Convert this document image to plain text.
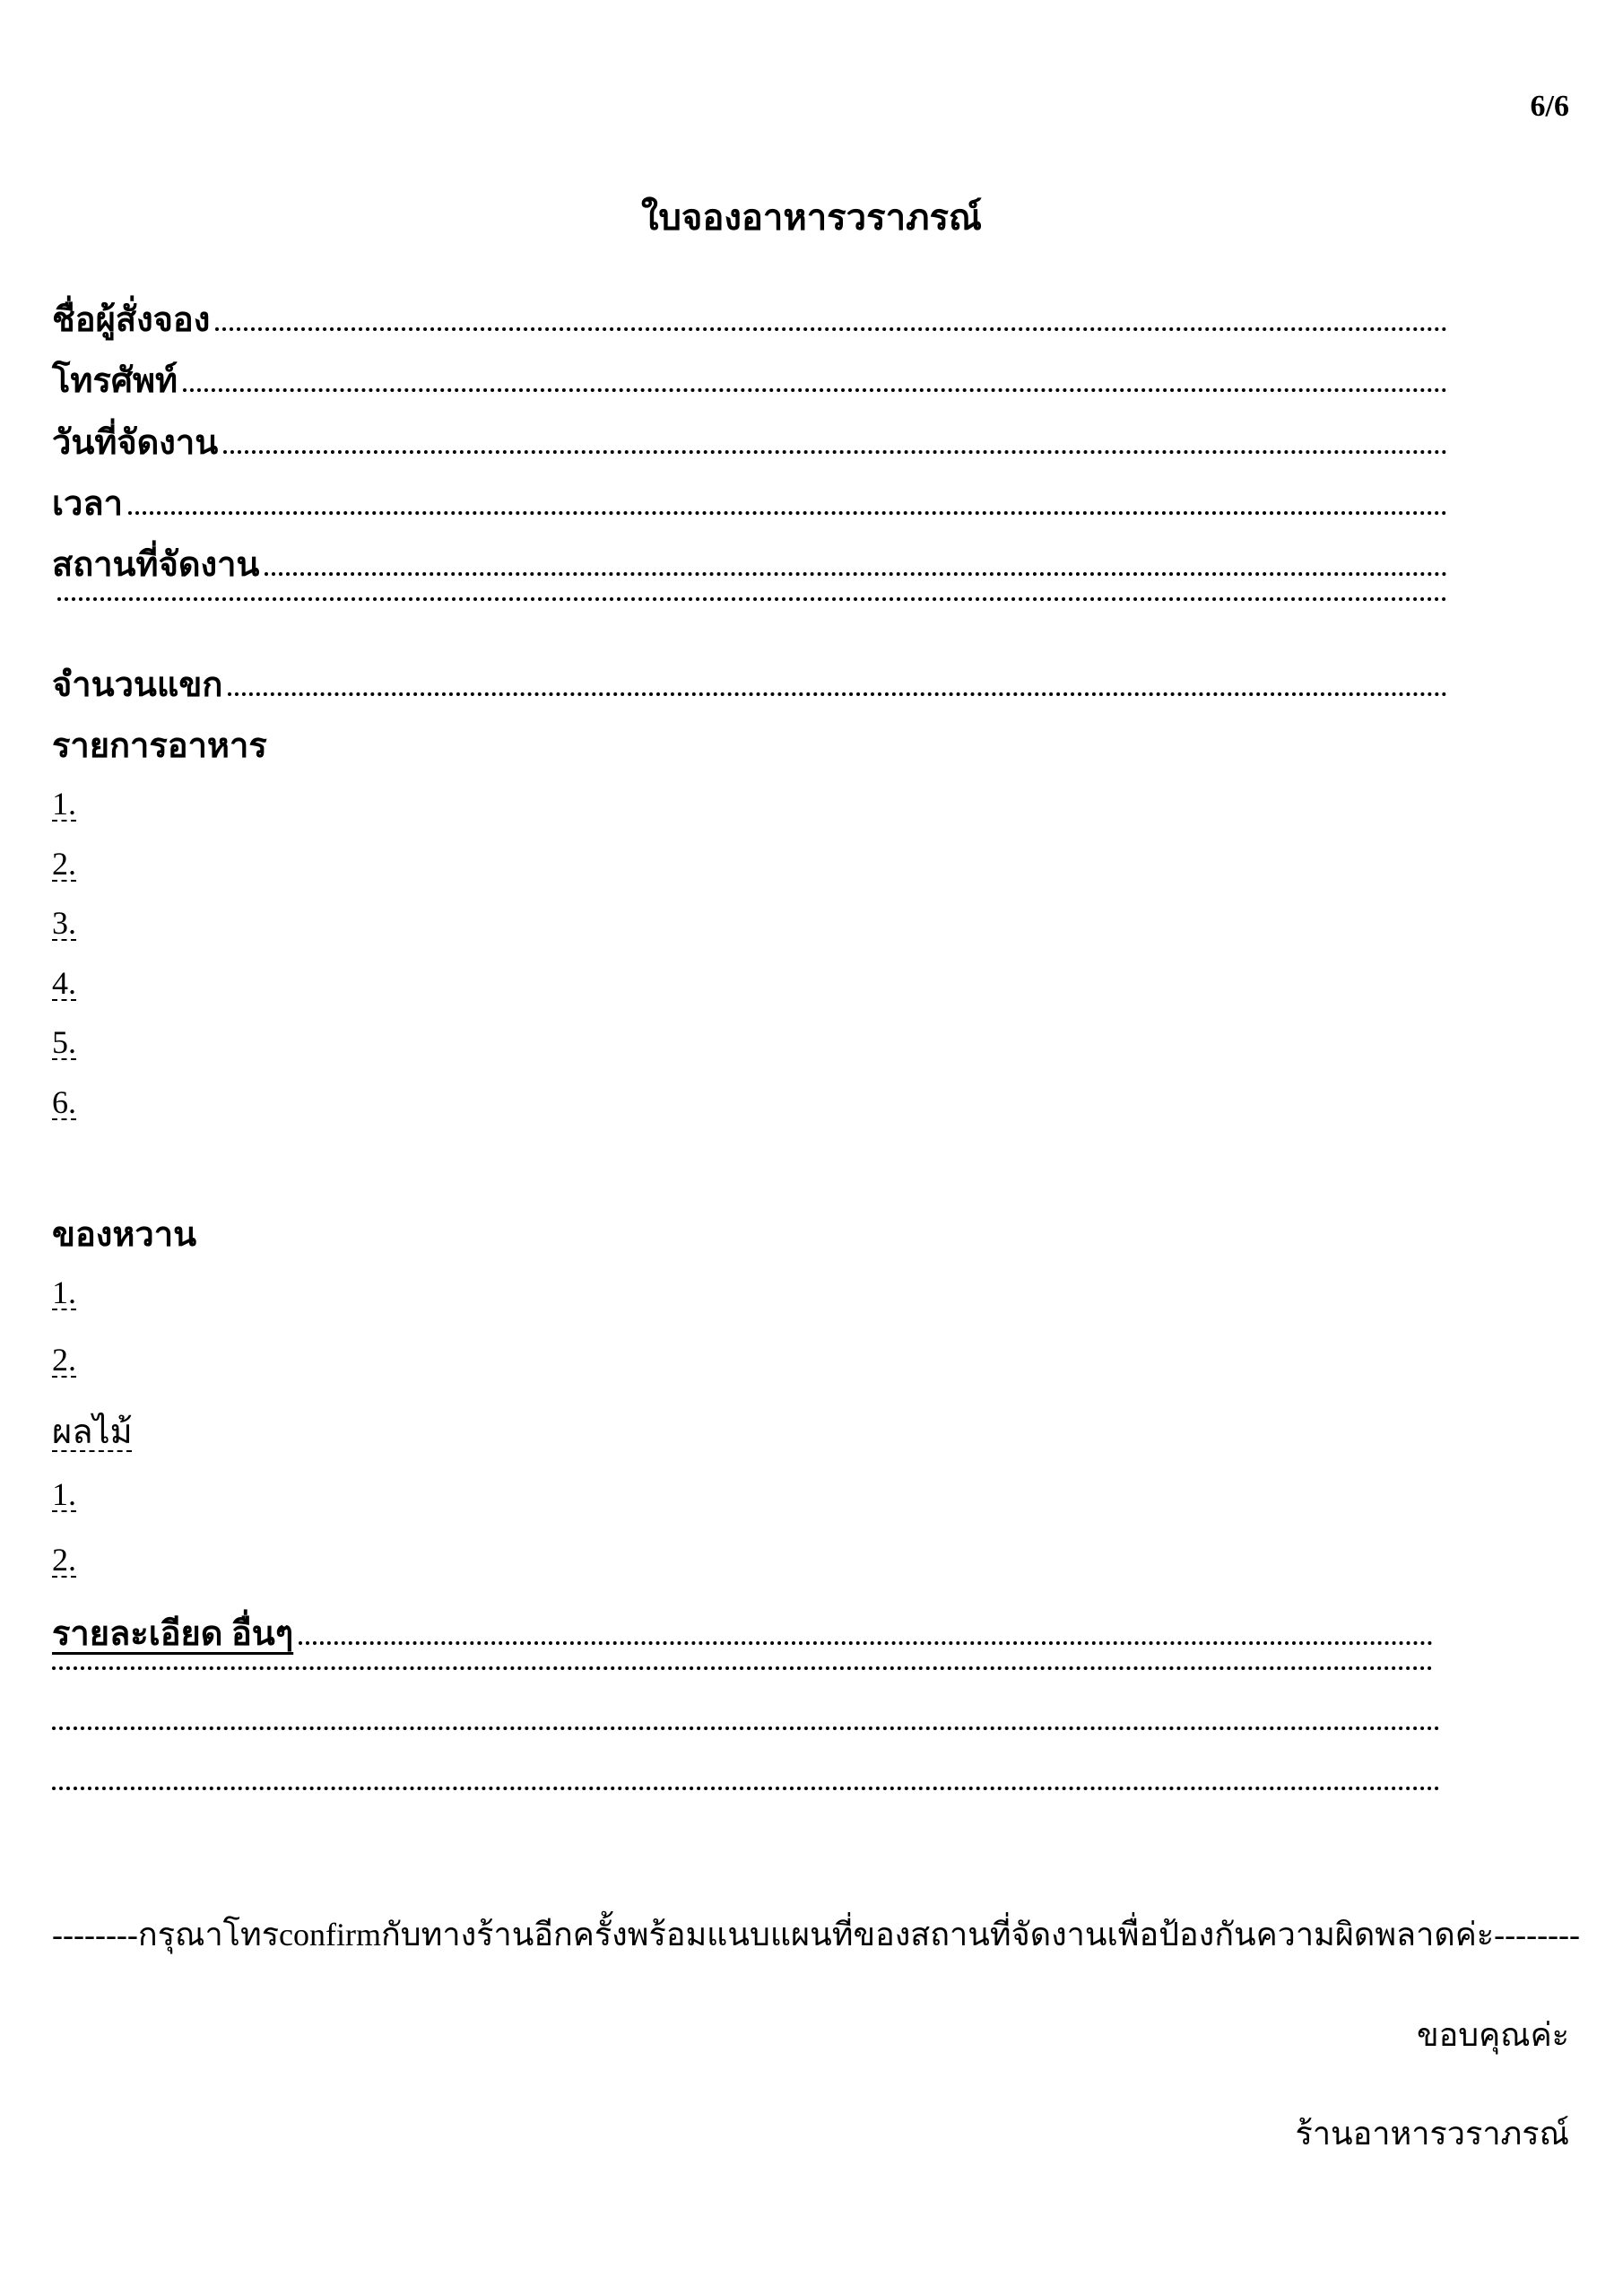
6/6
ใบจองอาหารวราภรณ์
ชื่อผู้สั่งจอง
โทรศัพท์
วันที่จัดงาน
เวลา
สถานที่จัดงาน
จำนวนแขก
รายการอาหาร
1.
2.
3.
4.
5.
6.
ของหวาน
1.
2.
ผลไม้
1.
2.
รายละเอียด อื่นๆ
--------กรุณาโทรconfirmกับทางร้านอีกครั้งพร้อมแนบแผนที่ของสถานที่จัดงานเพื่อป้องกันความผิดพลาดค่ะ--------
ขอบคุณค่ะ
ร้านอาหารวราภรณ์
